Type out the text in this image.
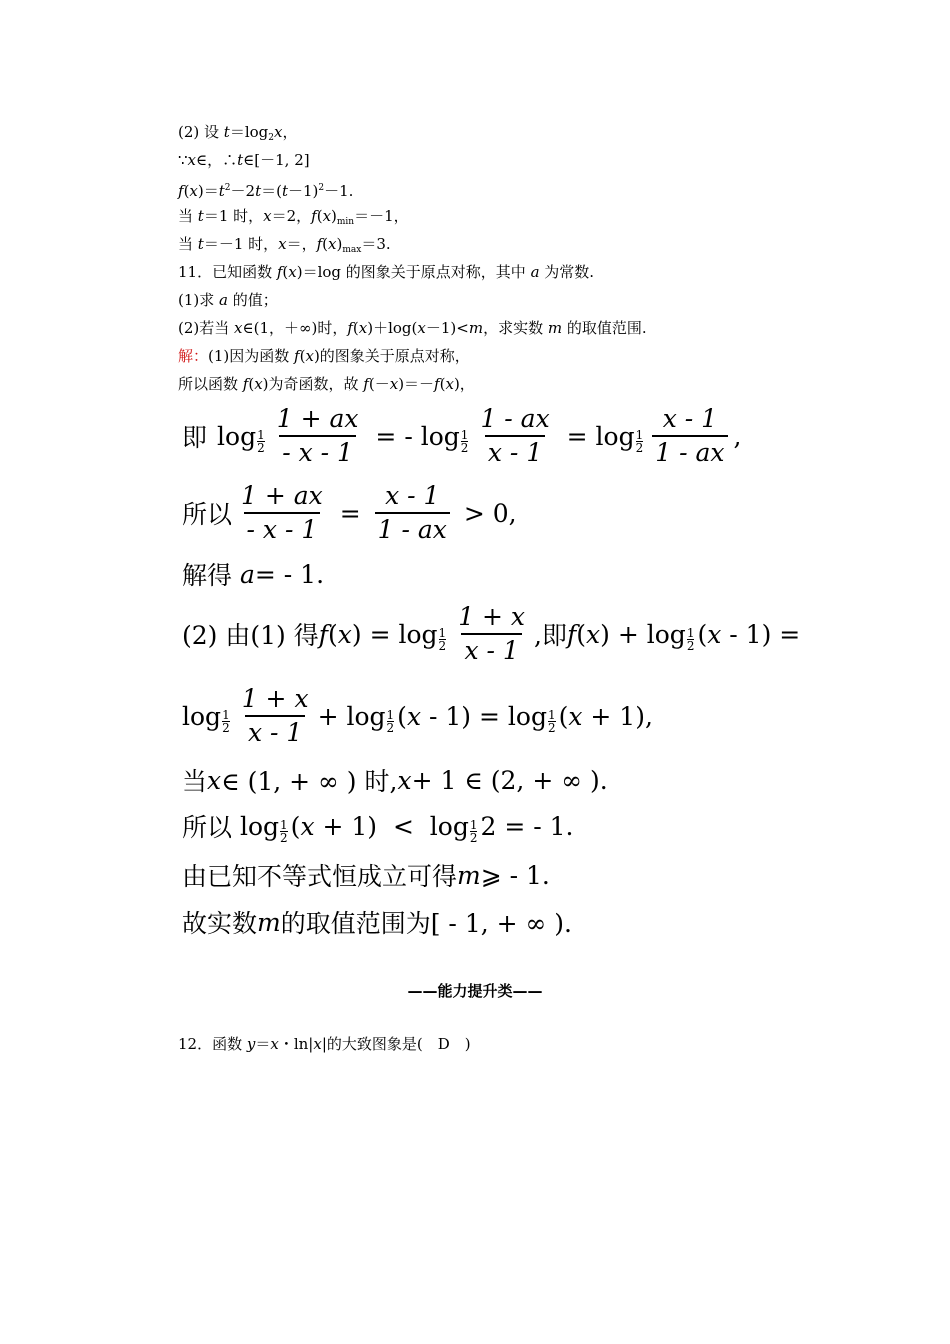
(2) 设 $t=\log_2x$，
∵x∈，∴t∈[－1, 2]
$f(x)=t^2-2t=(t-1)^2-1$.
当 t＝1 时，x＝2，$f(x)_{min}=-1$，
当 t＝－1 时，x＝，$f(x)_{max}=3$.
11．已知函数 f(x)＝log 的图象关于原点对称，其中 a 为常数.
(1)求 a 的值；
(2)若当 x∈(1，＋∞)时，f(x)＋log(x－1)<m，求实数 m 的取值范围.
解：(1)因为函数 f(x)的图象关于原点对称，
所以函数 f(x)为奇函数，故 f(－x)＝－f(x)，
即 log 1
$2 \frac{1 + ax}{- x - 1}$ = - log 1
$2 \frac{1 - ax}{x - 1} = \log 1$
$2 \frac{x - 1}{1 - ax}$ ,
所以 $\frac{1 + ax}{- x - 1} = \frac{x - 1}{1 - ax} > 0$,
解得
a = - 1.
(2) 由(1) 得 f ( x ) = log 1
$2 \frac{1 + x}{x - 1}$ ,即 f ( x ) + log 1
2 ( x - 1) =
log 1
$2 \frac{1 + x}{x - 1} + \log 1$
2 ( x - 1) = log 1
2 ( x + 1),
当 x ∈ (1, + ∞ ) 时, x + 1 ∈ (2, + ∞ ).
所以
log 1
2 ( x + 1)  < log 1
2 2 = - 1.
由已知不等式恒成立可得 m ⩾ - 1.
故实数 m 的取值范围为[ - 1, + ∞ ).
——能力提升类——
12．函数 y＝x・ln|x|的大致图象是(　D　)
